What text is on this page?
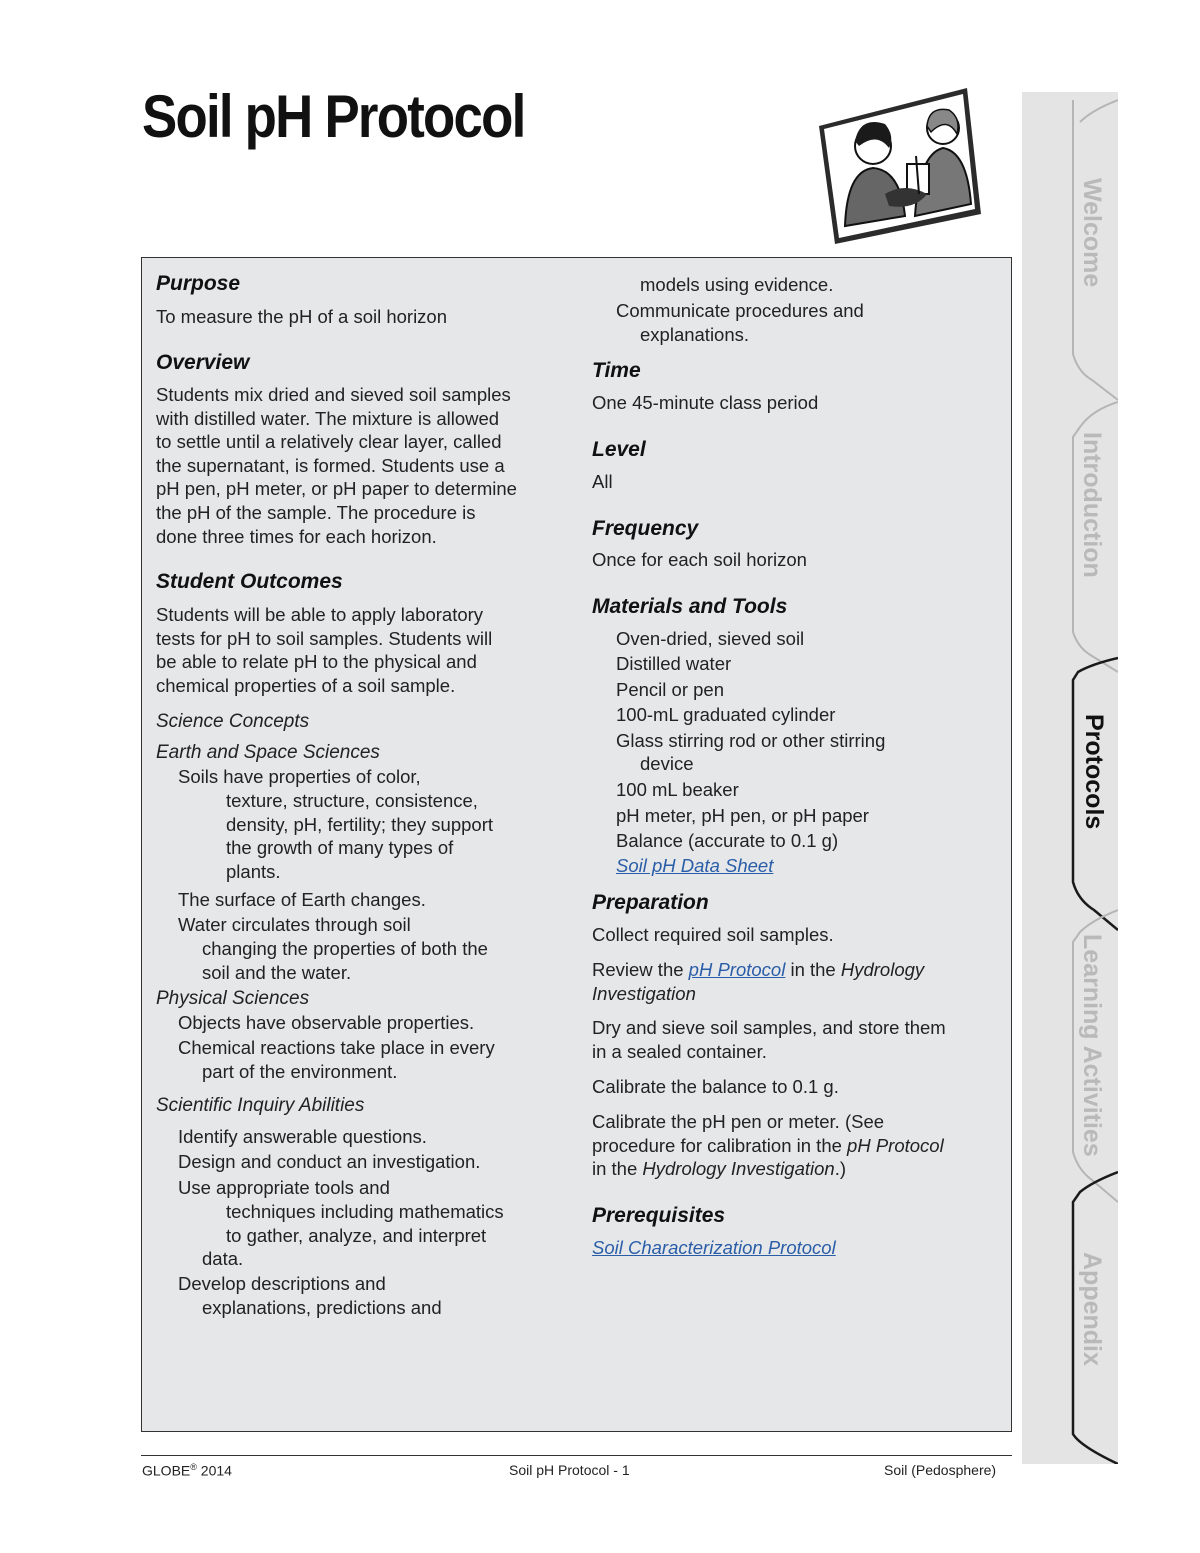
Soil pH Protocol
Purpose

To measure the pH of a soil horizon

Overview

Students mix dried and sieved soil samples

with distilled water. The mixture is allowed

to settle until a relatively clear layer, called

the supernatant, is formed. Students use a

pH pen, pH meter, or pH paper to determine

the pH of the sample. The procedure is

done three times for each horizon.

Student Outcomes

Students will be able to apply laboratory

tests for pH to soil samples. Students will

be able to relate pH to the physical and

chemical properties of a soil sample.

Science Concepts

Earth and Space Sciences

Soils have properties of color,

texture, structure, consistence,

density, pH, fertility; they support

the growth of many types of

plants.

The surface of Earth changes.

Water circulates through soil

changing the properties of both the

soil and the water.

Physical Sciences

Objects have observable properties.

Chemical reactions take place in every

part of the environment.

Scientific Inquiry Abilities

Identify answerable questions.

Design and conduct an investigation.

Use appropriate tools and

techniques including mathematics

to gather, analyze, and interpret

data.

Develop descriptions and

explanations, predictions and

models using evidence.

Communicate procedures and

explanations.

Time

One 45-minute class period

Level

All

Frequency

Once for each soil horizon

Materials and Tools

Oven-dried, sieved soil

Distilled water

Pencil or pen

100-mL graduated cylinder

Glass stirring rod or other stirring

device

100 mL beaker

pH meter, pH pen, or pH paper

Balance (accurate to 0.1 g)

Soil pH Data Sheet

Preparation

Collect required soil samples.

Review the pH Protocol in the Hydrology

Investigation

Dry and sieve soil samples, and store them

in a sealed container.

Calibrate the balance to 0.1 g.

Calibrate the pH pen or meter. (See

procedure for calibration in the pH Protocol

in the Hydrology Investigation.)

Prerequisites

Soil Characterization Protocol

GLOBE® 2014	Soil pH Protocol - 1	Soil (Pedosphere)
Welcome
Introduction
Protocols
Learning Activities
Appendix
